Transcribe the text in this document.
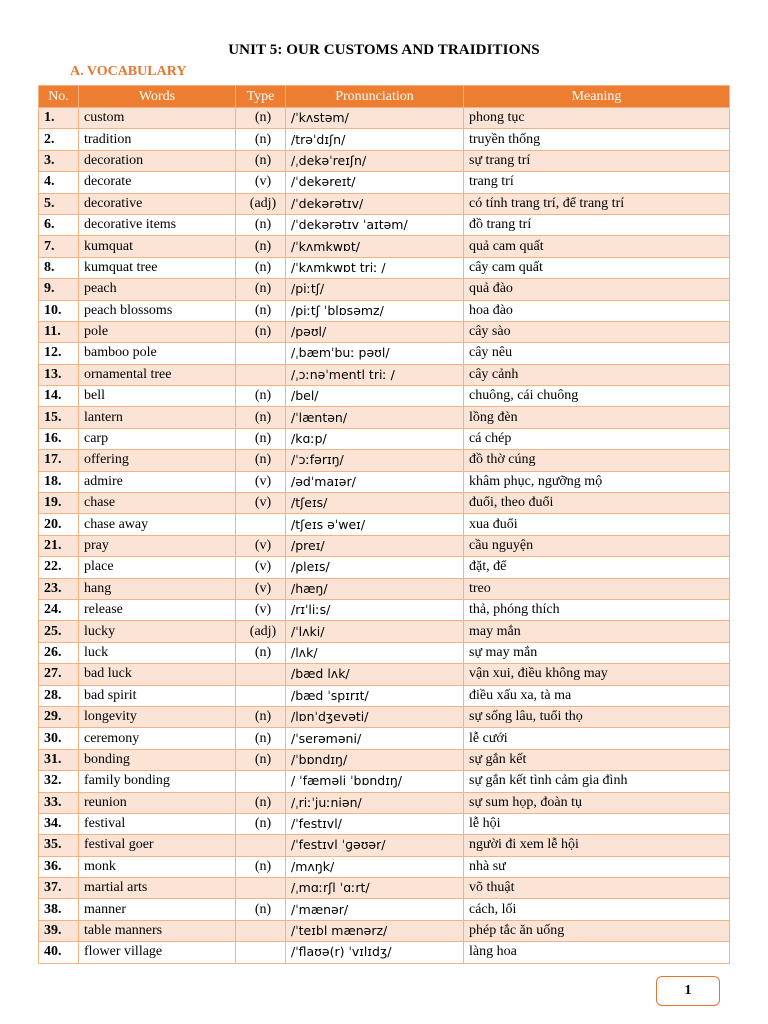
UNIT 5: OUR CUSTOMS AND TRAIDITIONS
A. VOCABULARY
No.	Words	Type	Pronunciation	Meaning
1.	custom	(n)	/ˈkʌstəm/	phong tục
2.	tradition	(n)	/trəˈdɪʃn/	truyền thống
3.	decoration	(n)	/ˌdekəˈreɪʃn/	sự trang trí
4.	decorate	(v)	/ˈdekəreɪt/	trang trí
5.	decorative	(adj)	/ˈdekərətɪv/	có tính trang trí, để trang trí
6.	decorative items	(n)	/ˈdekərətɪv ˈaɪtəm/	đồ trang trí
7.	kumquat	(n)	/ˈkʌmkwɒt/	quả cam quất
8.	kumquat tree	(n)	/ˈkʌmkwɒt triː /	cây cam quất
9.	peach	(n)	/piːtʃ/	quả đào
10.	peach blossoms	(n)	/piːtʃ ˈblɒsəmz/	hoa đào
11.	pole	(n)	/pəʊl/	cây sào
12.	bamboo pole		/ˌbæmˈbuː pəʊl/	cây nêu
13.	ornamental tree		/ˌɔːnəˈmentl triː /	cây cảnh
14.	bell	(n)	/bel/	chuông, cái chuông
15.	lantern	(n)	/ˈlæntən/	lồng đèn
16.	carp	(n)	/kɑːp/	cá chép
17.	offering	(n)	/ˈɔːfərɪŋ/	đồ thờ cúng
18.	admire	(v)	/ədˈmaɪər/	khâm phục, ngưỡng mộ
19.	chase	(v)	/tʃeɪs/	đuổi, theo đuổi
20.	chase away		/tʃeɪs əˈweɪ/	xua đuổi
21.	pray	(v)	/preɪ/	cầu nguyện
22.	place	(v)	/pleɪs/	đặt, để
23.	hang	(v)	/hæŋ/	treo
24.	release	(v)	/rɪˈliːs/	thả, phóng thích
25.	lucky	(adj)	/ˈlʌki/	may mắn
26.	luck	(n)	/lʌk/	sự may mắn
27.	bad luck		/bæd lʌk/	vận xui, điều không may
28.	bad spirit		/bæd ˈspɪrɪt/	điều xấu xa, tà ma
29.	longevity	(n)	/lɒnˈdʒevəti/	sự sống lâu, tuổi thọ
30.	ceremony	(n)	/ˈserəməni/	lễ cưới
31.	bonding	(n)	/ˈbɒndɪŋ/	sự gắn kết
32.	family bonding		/ ˈfæməli ˈbɒndɪŋ/	sự gắn kết tình cảm gia đình
33.	reunion	(n)	/ˌriːˈjuːniən/	sự sum họp, đoàn tụ
34.	festival	(n)	/ˈfestɪvl/	lễ hội
35.	festival goer		/ˈfestɪvl ˈɡəʊər/	người đi xem lễ hội
36.	monk	(n)	/mʌŋk/	nhà sư
37.	martial arts		/ˌmɑːrʃl ˈɑːrt/	võ thuật
38.	manner	(n)	/ˈmænər/	cách, lối
39.	table manners		/ˈteɪbl mænərz/	phép tắc ăn uống
40.	flower village		/ˈflaʊə(r) ˈvɪlɪdʒ/	làng hoa
1
